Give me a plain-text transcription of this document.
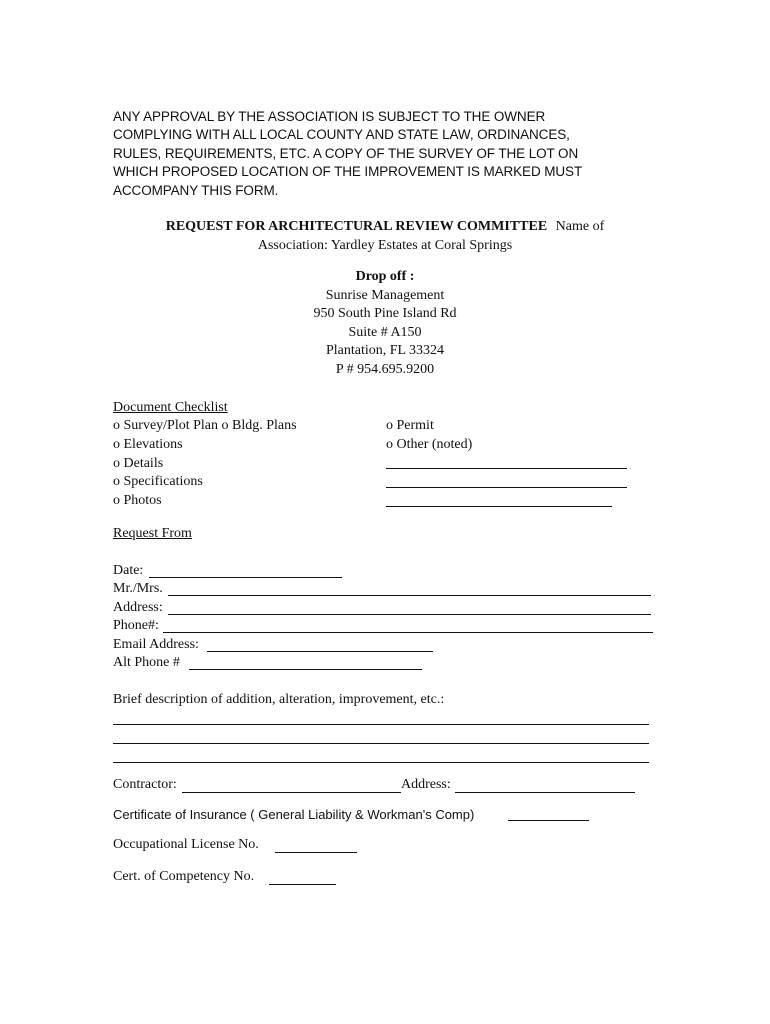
ANY APPROVAL BY THE ASSOCIATION IS SUBJECT TO THE OWNER
COMPLYING WITH ALL LOCAL COUNTY AND STATE LAW, ORDINANCES,
RULES, REQUIREMENTS, ETC. A COPY OF THE SURVEY OF THE LOT ON
WHICH PROPOSED LOCATION OF THE IMPROVEMENT IS MARKED MUST
ACCOMPANY THIS FORM.
REQUEST FOR ARCHITECTURAL REVIEW COMMITTEE Name of
Association: Yardley Estates at Coral Springs
Drop off :
Sunrise Management
950 South Pine Island Rd
Suite # A150
Plantation, FL 33324
P # 954.695.9200
Document Checklist
o Survey/Plot Plan o Bldg. Plans
o Elevations
o Details
o Specifications
o Photos
o Permit
o Other (noted)
Request From
Date:
Mr./Mrs.
Address:
Phone#:
Email Address:
Alt Phone #
Brief description of addition, alteration, improvement, etc.:
Contractor:	Address:
Certificate of Insurance ( General Liability & Workman's Comp)
Occupational License No.
Cert. of Competency No.
